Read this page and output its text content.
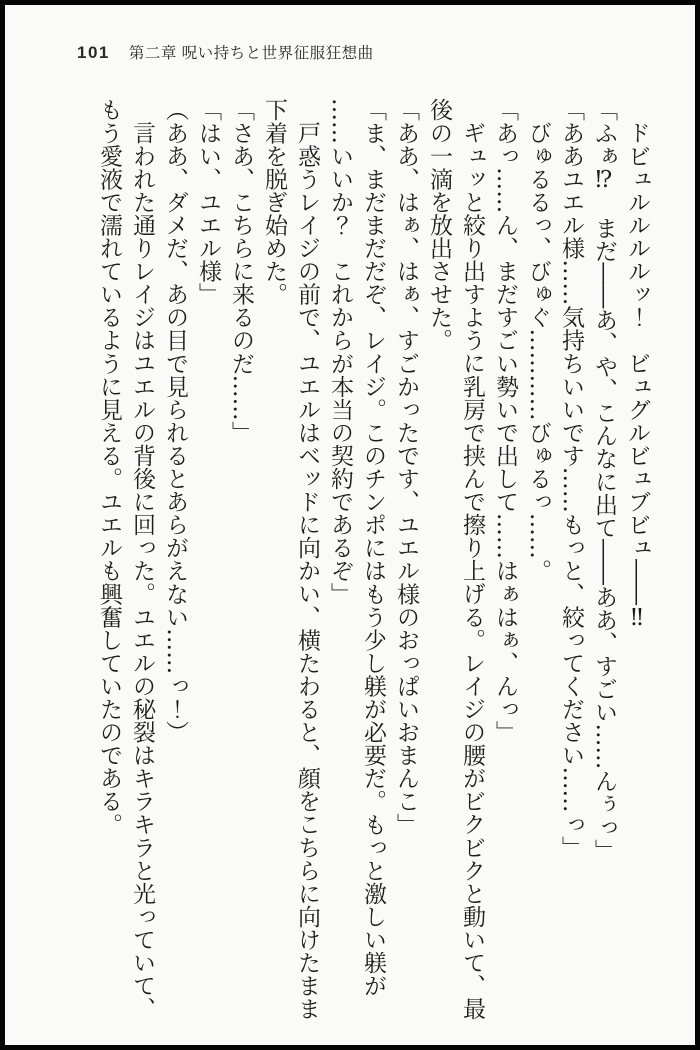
101 第二章 呪い持ちと世界征服狂想曲

ドビュルルルルッ！　ビュグルビュブビュ――‼

「ふぁ⁉　まだ――あ、や、こんなに出て――ああ、すごい……んぅっ」

「ああユエル様……気持ちいいです……もっと、絞ってください……っ」

びゅるるっ、びゅぐ…………びゅるっ……。

「あっ……ん、まだすごい勢いで出して……はぁはぁ、んっ」

ギュッと絞り出すように乳房で挟んで擦り上げる。レイジの腰がビクビクと動いて、最

後の一滴を放出させた。

「ああ、はぁ、はぁ、すごかったです、ユエル様のおっぱいおまんこ」

「ま、まだまだだぞ、レイジ。このチンポにはもう少し躾が必要だ。もっと激しい躾が

……いいか？　これからが本当の契約であるぞ」

戸惑うレイジの前で、ユエルはベッドに向かい、横たわると、顔をこちらに向けたまま

下着を脱ぎ始めた。

「さあ、こちらに来るのだ……」

「はい、ユエル様」

（ああ、ダメだ、あの目で見られるとあらがえない……っ！）

言われた通りレイジはユエルの背後に回った。ユエルの秘裂はキラキラと光っていて、

もう愛液で濡れているように見える。ユエルも興奮していたのである。
